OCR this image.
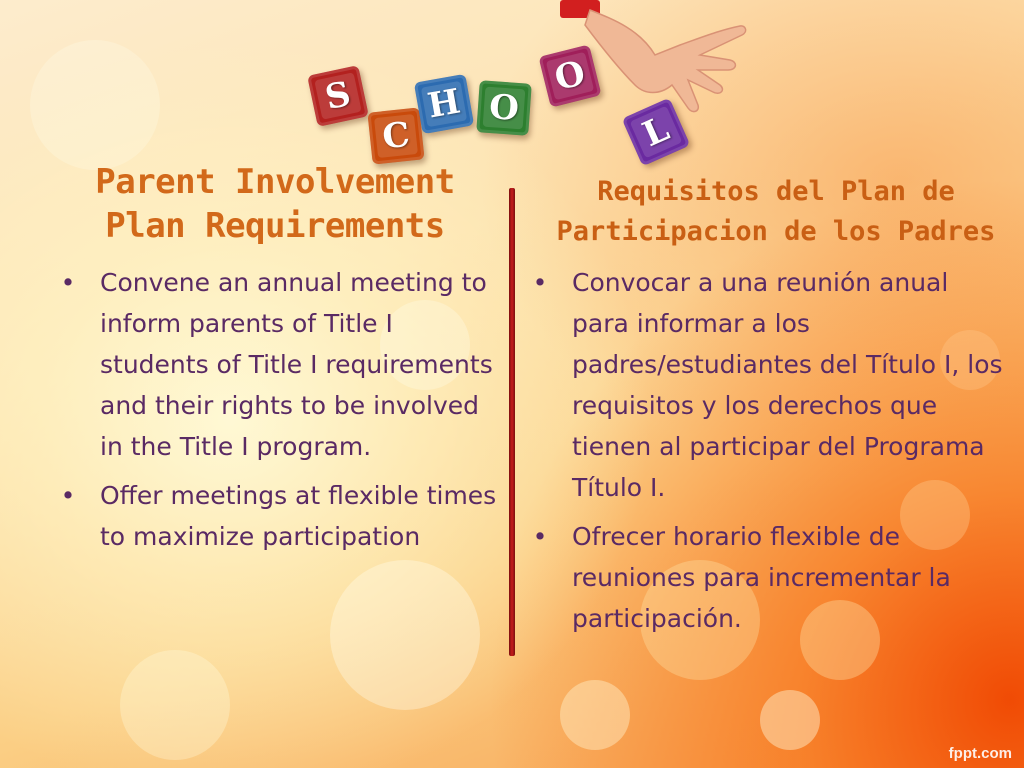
S
C
H O
O
L
Parent Involvement
Plan Requirements
Requisitos del Plan de
Participacion de los Padres
• Convene an annual meeting to inform parents of Title I students of Title I requirements and their rights to be involved in the Title I program.
• Offer meetings at flexible times to maximize participation
• Convocar a una reunión anual para informar a los padres/estudiantes del Título I, los requisitos y los derechos que tienen al participar del Programa Título I.
• Ofrecer horario flexible de reuniones para incrementar la participación.
fppt.com
